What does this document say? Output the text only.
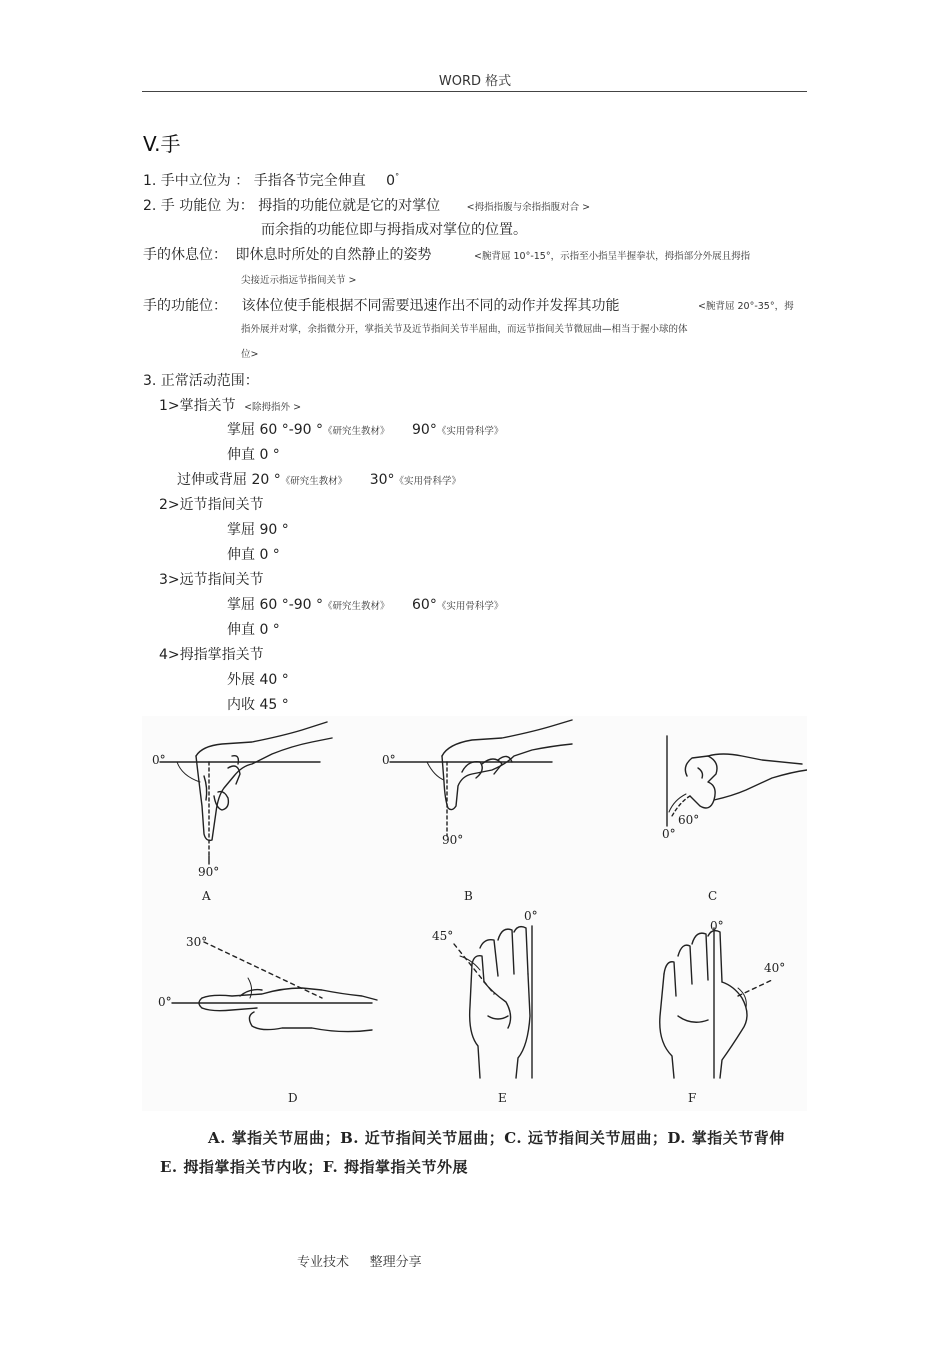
WORD 格式
V.手
1. 手中立位为 ： 手指各节完全伸直 0°
2. 手 功能位 为： 拇指的功能位就是它的对掌位	<拇指指腹与余指指腹对合 >
而余指的功能位即与拇指成对掌位的位置。
手的休息位： 即休息时所处的自然静止的姿势	<腕背屈 10°-15°，示指至小指呈半握拳状，拇指部分外展且拇指
尖接近示指远节指间关节 >
手的功能位： 该体位使手能根据不同需要迅速作出不同的动作并发挥其功能	<腕背屈 20°-35°，拇
指外展并对掌，余指微分开，掌指关节及近节指间关节半屈曲，而远节指间关节微屈曲—相当于握小球的体
位>
3. 正常活动范围：
1>掌指关节 <除拇指外 >
掌屈 60 °-90 °《研究生教材》 90°《实用骨科学》
伸直 0 °
过伸或背屈 20 °《研究生教材》 30°《实用骨科学》
2>近节指间关节
掌屈 90 °
伸直 0 °
3>远节指间关节
掌屈 60 °-90 °《研究生教材》 60°《实用骨科学》
伸直 0 °
4>拇指掌指关节
外展 40 °
内收 45 °
0°
90°
A
0°
90°
B
60°
0°
C
30°
0°
D
45°
0°
E
0°
40°
F
A. 掌指关节屈曲；B. 近节指间关节屈曲；C. 远节指间关节屈曲；D. 掌指关节背伸
E. 拇指掌指关节内收；F. 拇指掌指关节外展
专业技术     整理分享
